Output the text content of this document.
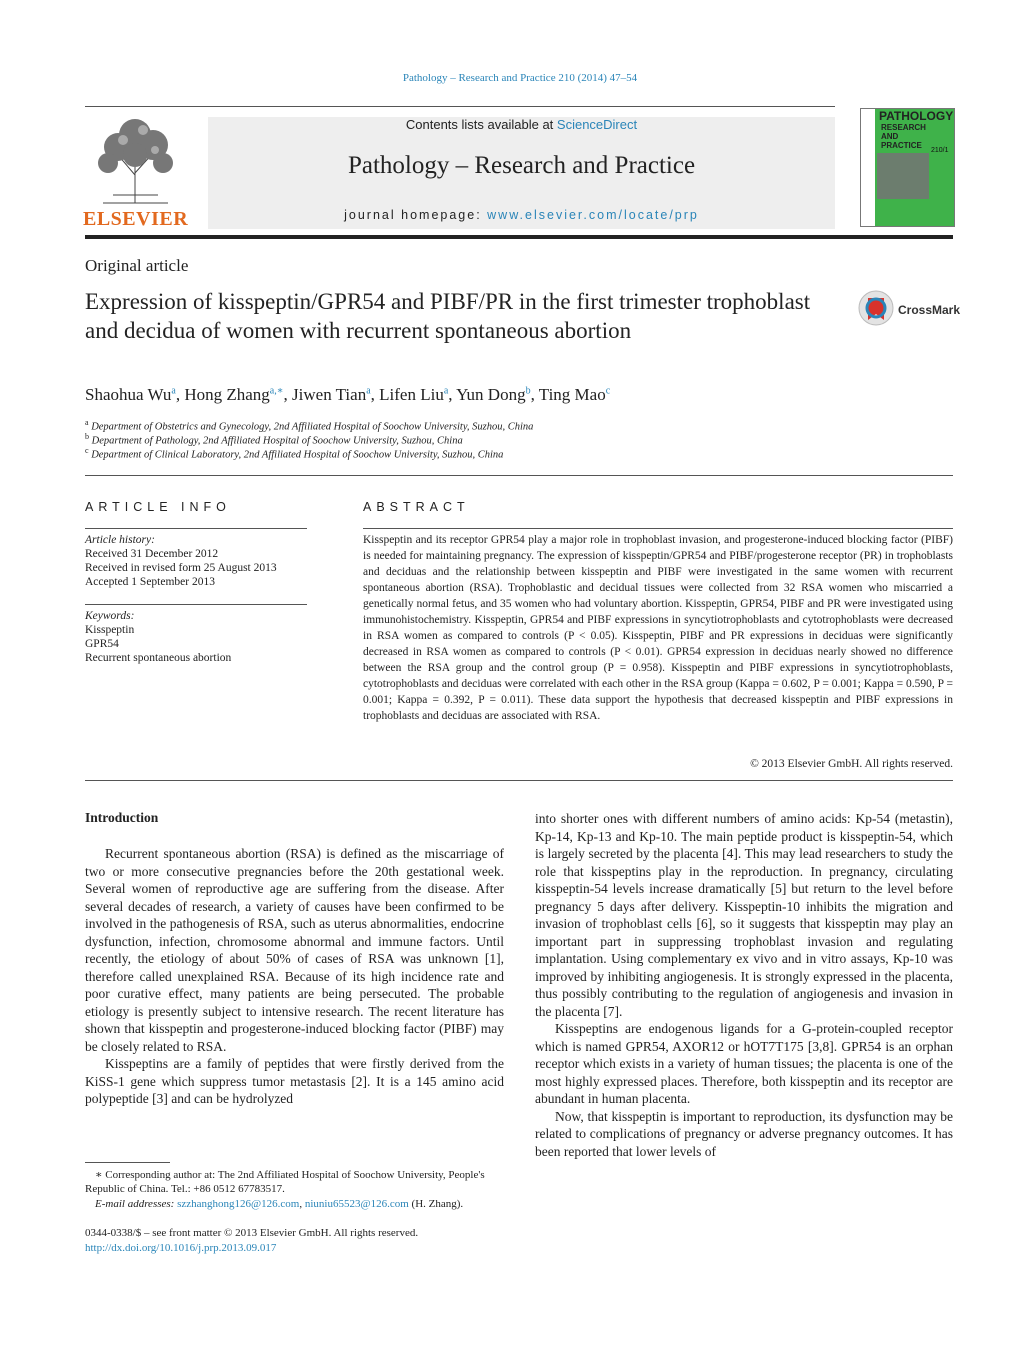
Pathology – Research and Practice 210 (2014) 47–54
ELSEVIER
Contents lists available at ScienceDirect
Pathology – Research and Practice
journal homepage: www.elsevier.com/locate/prp
PATHOLOGY
RESEARCH AND PRACTICE
210/1
Original article
Expression of kisspeptin/GPR54 and PIBF/PR in the first trimester trophoblast and decidua of women with recurrent spontaneous abortion
CrossMark
Shaohua Wu$^a$, Hong Zhang$^{a,∗}$, Jiwen Tian$^a$, Lifen Liu$^a$, Yun Dong$^b$, Ting Mao$^c$
$^a$ Department of Obstetrics and Gynecology, 2nd Affiliated Hospital of Soochow University, Suzhou, China
$^b$ Department of Pathology, 2nd Affiliated Hospital of Soochow University, Suzhou, China
$^c$ Department of Clinical Laboratory, 2nd Affiliated Hospital of Soochow University, Suzhou, China
ARTICLE INFO
Article history:
Received 31 December 2012
Received in revised form 25 August 2013
Accepted 1 September 2013
Keywords:
Kisspeptin
GPR54
Recurrent spontaneous abortion
ABSTRACT
Kisspeptin and its receptor GPR54 play a major role in trophoblast invasion, and progesterone-induced blocking factor (PIBF) is needed for maintaining pregnancy. The expression of kisspeptin/GPR54 and PIBF/progesterone receptor (PR) in trophoblasts and deciduas and the relationship between kisspeptin and PIBF were investigated in the same women with recurrent spontaneous abortion (RSA). Trophoblastic and decidual tissues were collected from 32 RSA women who miscarried a genetically normal fetus, and 35 women who had voluntary abortion. Kisspeptin, GPR54, PIBF and PR were investigated using immunohistochemistry. Kisspeptin, GPR54 and PIBF expressions in syncytiotrophoblasts and cytotrophoblasts were decreased in RSA women as compared to controls (P < 0.05). Kisspeptin, PIBF and PR expressions in deciduas were significantly decreased in RSA women as compared to controls (P < 0.01). GPR54 expression in deciduas nearly showed no difference between the RSA group and the control group (P = 0.958). Kisspeptin and PIBF expressions in syncytiotrophoblasts, cytotrophoblasts and deciduas were correlated with each other in the RSA group (Kappa = 0.602, P = 0.001; Kappa = 0.590, P = 0.001; Kappa = 0.392, P = 0.011). These data support the hypothesis that decreased kisspeptin and PIBF expressions in trophoblasts and deciduas are associated with RSA.
© 2013 Elsevier GmbH. All rights reserved.
Introduction

Recurrent spontaneous abortion (RSA) is defined as the miscarriage of two or more consecutive pregnancies before the 20th gestational week. Several women of reproductive age are suffering from the disease. After several decades of research, a variety of causes have been confirmed to be involved in the pathogenesis of RSA, such as uterus abnormalities, endocrine dysfunction, infection, chromosome abnormal and immune factors. Until recently, the etiology of about 50% of cases of RSA was unknown [1], therefore called unexplained RSA. Because of its high incidence rate and poor curative effect, many patients are being persecuted. The probable etiology is presently subject to intensive research. The recent literature has shown that kisspeptin and progesterone-induced blocking factor (PIBF) may be closely related to RSA.

Kisspeptins are a family of peptides that were firstly derived from the KiSS-1 gene which suppress tumor metastasis [2]. It is a 145 amino acid polypeptide [3] and can be hydrolyzed

into shorter ones with different numbers of amino acids: Kp-54 (metastin), Kp-14, Kp-13 and Kp-10. The main peptide product is kisspeptin-54, which is largely secreted by the placenta [4]. This may lead researchers to study the role that kisspeptins play in the reproduction. In pregnancy, circulating kisspeptin-54 levels increase dramatically [5] but return to the level before pregnancy 5 days after delivery. Kisspeptin-10 inhibits the migration and invasion of trophoblast cells [6], so it suggests that kisspeptin may play an important part in suppressing trophoblast invasion and regulating implantation. Using complementary ex vivo and in vitro assays, Kp-10 was improved by inhibiting angiogenesis. It is strongly expressed in the placenta, thus possibly contributing to the regulation of angiogenesis and invasion in the placenta [7].

Kisspeptins are endogenous ligands for a G-protein-coupled receptor which is named GPR54, AXOR12 or hOT7T175 [3,8]. GPR54 is an orphan receptor which exists in a variety of human tissues; the placenta is one of the most highly expressed places. Therefore, both kisspeptin and its receptor are abundant in human placenta.

Now, that kisspeptin is important to reproduction, its dysfunction may be related to complications of pregnancy or adverse pregnancy outcomes. It has been reported that lower levels of

∗ Corresponding author at: The 2nd Affiliated Hospital of Soochow University, People's Republic of China. Tel.: +86 0512 67783517.
E-mail addresses: szzhanghong126@126.com, niuniu65523@126.com (H. Zhang).
0344-0338/$ – see front matter © 2013 Elsevier GmbH. All rights reserved.
http://dx.doi.org/10.1016/j.prp.2013.09.017
